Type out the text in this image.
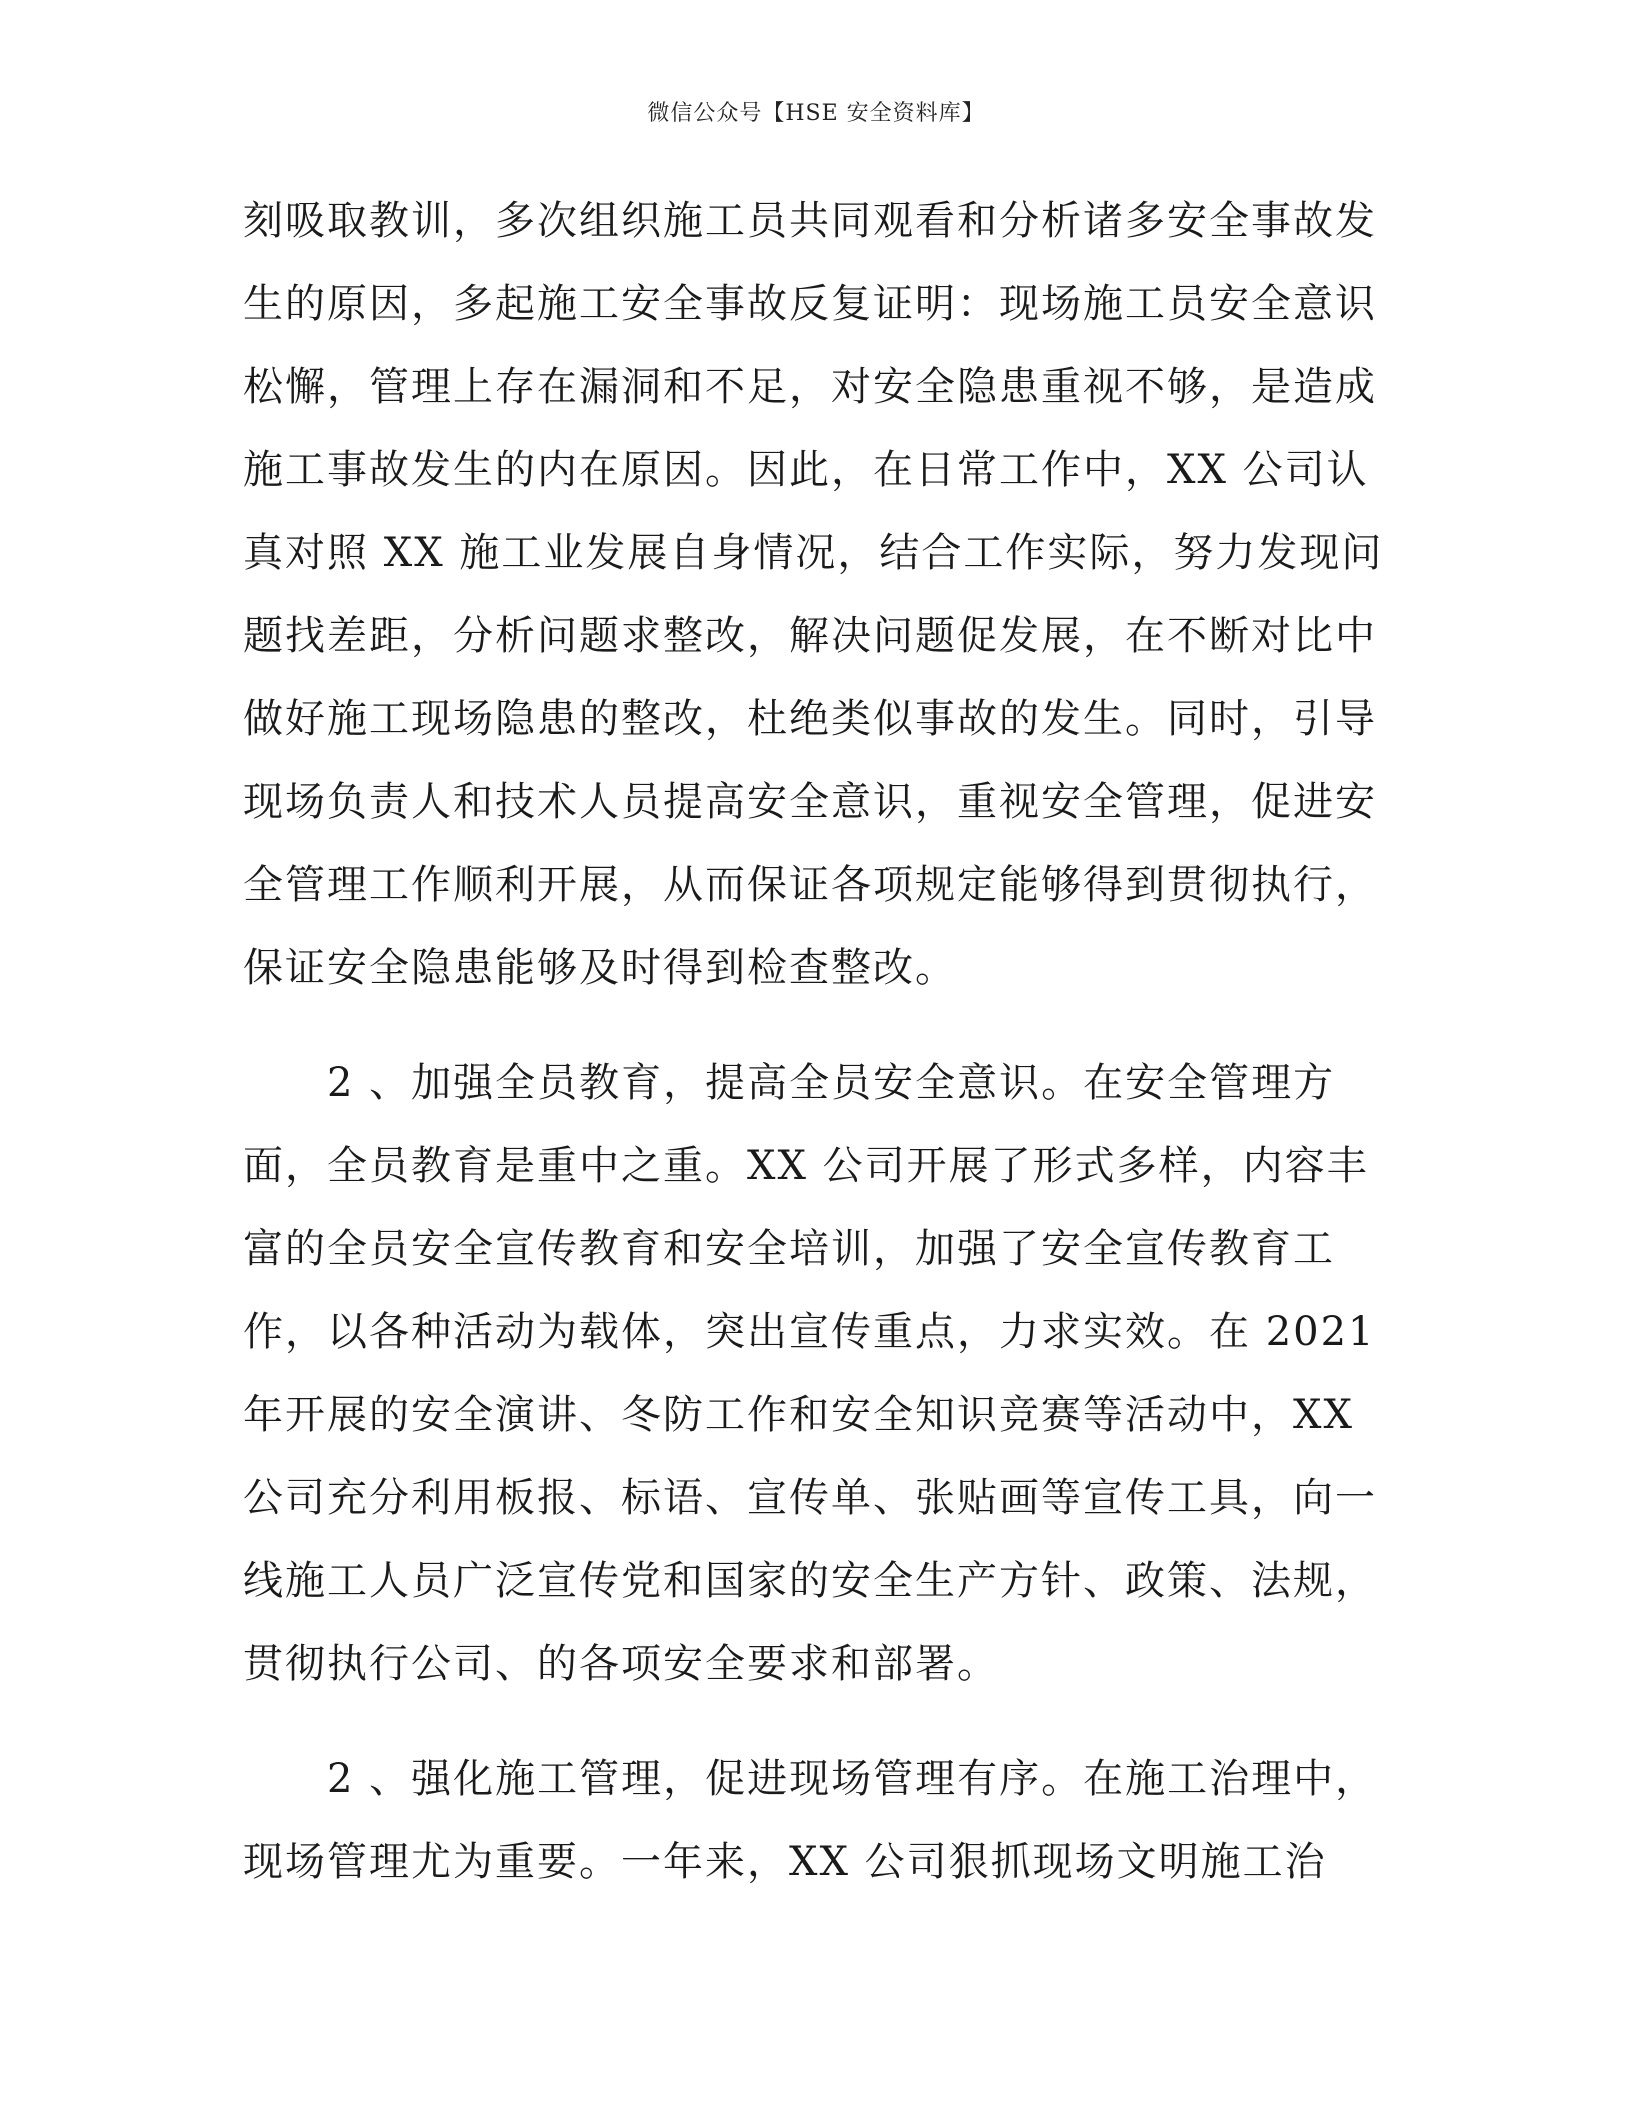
微信公众号【HSE 安全资料库】
刻吸取教训，多次组织施工员共同观看和分析诸多安全事故发
生的原因，多起施工安全事故反复证明：现场施工员安全意识
松懈，管理上存在漏洞和不足，对安全隐患重视不够，是造成
施工事故发生的内在原因。因此，在日常工作中，XX 公司认
真对照 XX 施工业发展自身情况，结合工作实际，努力发现问
题找差距，分析问题求整改，解决问题促发展，在不断对比中
做好施工现场隐患的整改，杜绝类似事故的发生。同时，引导
现场负责人和技术人员提高安全意识，重视安全管理，促进安
全管理工作顺利开展，从而保证各项规定能够得到贯彻执行，
保证安全隐患能够及时得到检查整改。
　　2 、加强全员教育，提高全员安全意识。在安全管理方
面，全员教育是重中之重。XX 公司开展了形式多样，内容丰
富的全员安全宣传教育和安全培训，加强了安全宣传教育工
作，以各种活动为载体，突出宣传重点，力求实效。在 2021
年开展的安全演讲、冬防工作和安全知识竞赛等活动中，XX
公司充分利用板报、标语、宣传单、张贴画等宣传工具，向一
线施工人员广泛宣传党和国家的安全生产方针、政策、法规，
贯彻执行公司、的各项安全要求和部署。
　　2 、强化施工管理，促进现场管理有序。在施工治理中，
现场管理尤为重要。一年来，XX 公司狠抓现场文明施工治
